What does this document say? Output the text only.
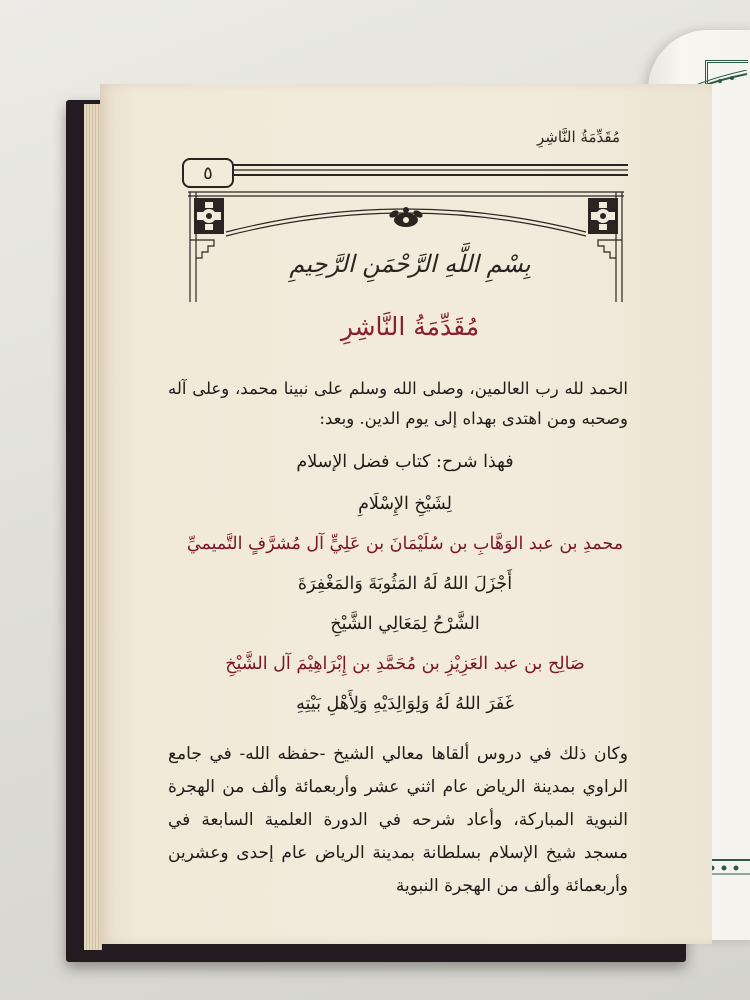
مُقَدِّمَةُ النَّاشِرِ
٥
بِسْمِ اللَّهِ الرَّحْمَنِ الرَّحِيمِ
مُقَدِّمَةُ النَّاشِرِ
الحمد لله رب العالمين، وصلى الله وسلم على نبينا محمد، وعلى آله وصحبه ومن اهتدى بهداه إلى يوم الدين. وبعد:
فهذا شرح: كتاب فضل الإسلام
لِشَيْخِ الإِسْلَامِ
محمدِ بن عبد الوَهَّابِ بن سُلَيْمَانَ بن عَلِيٍّ آل مُشرَّفٍ التَّميميِّ
أَجْزَلَ اللهُ لَهُ المَثُوبَةَ وَالمَغْفِرَةَ
الشَّرْحُ لِمَعَالِي الشَّيْخِ
صَالِح بن عبد العَزِيْزِ بن مُحَمَّدِ بن إِبْرَاهِيْمَ آل الشَّيْخِ
غَفَرَ اللهُ لَهُ وَلِوَالِدَيْهِ وَلِأَهْلِ بَيْتِهِ
وكان ذلك في دروس ألقاها معالي الشيخ -حفظه الله- في جامع الراوي بمدينة الرياض عام اثني عشر وأربعمائة وألف من الهجرة النبوية المباركة، وأعاد شرحه في الدورة العلمية السابعة في مسجد شيخ الإسلام بسلطانة بمدينة الرياض عام إحدى وعشرين وأربعمائة وألف من الهجرة النبوية
